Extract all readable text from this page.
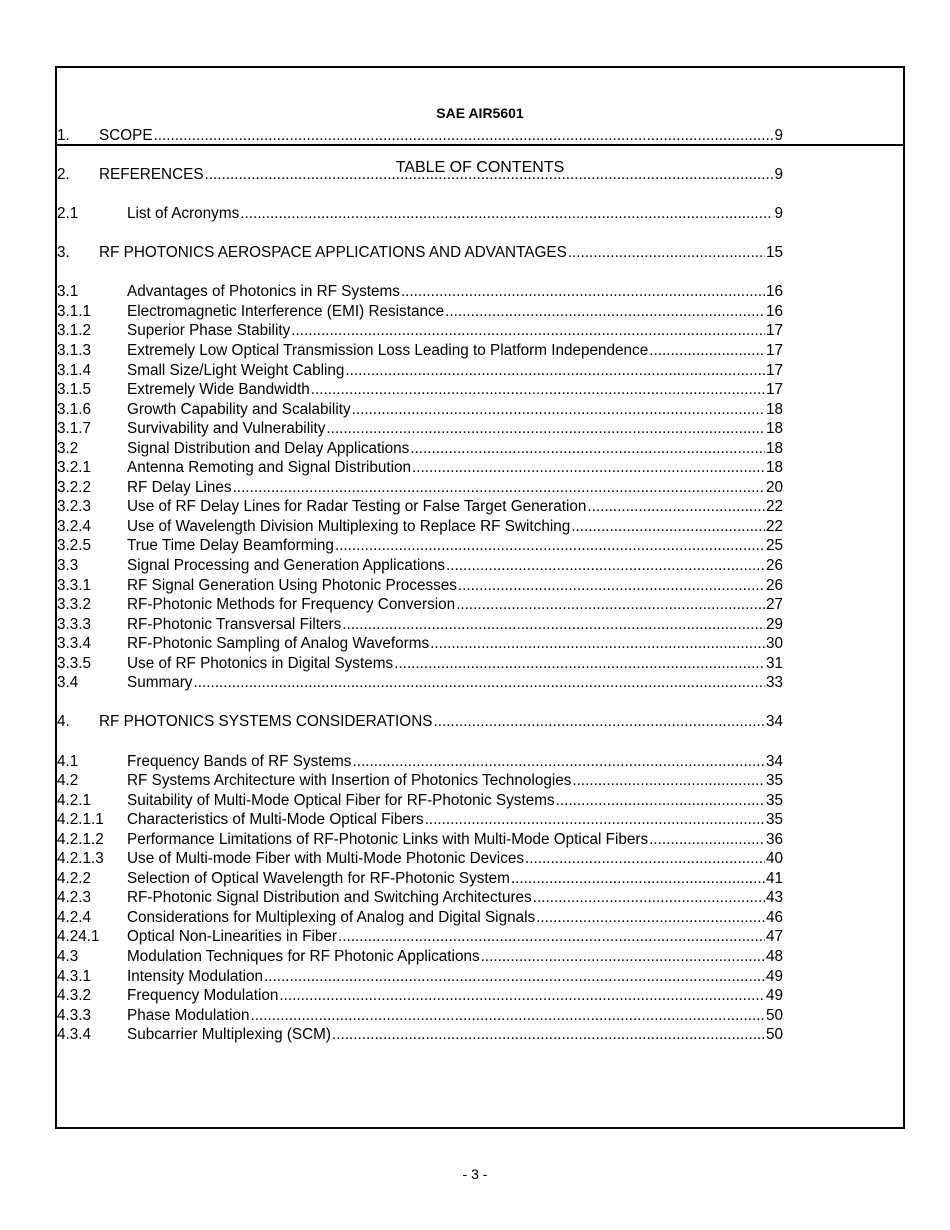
SAE AIR5601
TABLE OF CONTENTS
1.	SCOPE .....	9
2.	REFERENCES .....	9
2.1	List of Acronyms .....	9
3.	RF PHOTONICS AEROSPACE APPLICATIONS AND ADVANTAGES .....	15
3.1	Advantages of Photonics in RF Systems .....	16
3.1.1	Electromagnetic Interference (EMI) Resistance .....	16
3.1.2	Superior Phase Stability .....	17
3.1.3	Extremely Low Optical Transmission Loss Leading to Platform Independence .....	17
3.1.4	Small Size/Light Weight Cabling .....	17
3.1.5	Extremely Wide Bandwidth .....	17
3.1.6	Growth Capability and Scalability .....	18
3.1.7	Survivability and Vulnerability .....	18
3.2	Signal Distribution and Delay Applications .....	18
3.2.1	Antenna Remoting and Signal Distribution .....	18
3.2.2	RF Delay Lines .....	20
3.2.3	Use of RF Delay Lines for Radar Testing or False Target Generation .....	22
3.2.4	Use of Wavelength Division Multiplexing to Replace RF Switching .....	22
3.2.5	True Time Delay Beamforming .....	25
3.3	Signal Processing and Generation Applications .....	26
3.3.1	RF Signal Generation Using Photonic Processes .....	26
3.3.2	RF-Photonic Methods for Frequency Conversion .....	27
3.3.3	RF-Photonic Transversal Filters .....	29
3.3.4	RF-Photonic Sampling of Analog Waveforms .....	30
3.3.5	Use of RF Photonics in Digital Systems .....	31
3.4	Summary .....	33
4.	RF PHOTONICS SYSTEMS CONSIDERATIONS .....	34
4.1	Frequency Bands of RF Systems .....	34
4.2	RF Systems Architecture with Insertion of Photonics Technologies .....	35
4.2.1	Suitability of Multi-Mode Optical Fiber for RF-Photonic Systems .....	35
4.2.1.1	Characteristics of Multi-Mode Optical Fibers .....	35
4.2.1.2	Performance Limitations of RF-Photonic Links with Multi-Mode Optical Fibers .....	36
4.2.1.3	Use of Multi-mode Fiber with Multi-Mode Photonic Devices .....	40
4.2.2	Selection of Optical Wavelength for RF-Photonic System .....	41
4.2.3	RF-Photonic Signal Distribution and Switching Architectures .....	43
4.2.4	Considerations for Multiplexing of Analog and Digital Signals .....	46
4.24.1	Optical Non-Linearities in Fiber .....	47
4.3	Modulation Techniques for RF Photonic Applications .....	48
4.3.1	Intensity Modulation .....	49
4.3.2	Frequency Modulation .....	49
4.3.3	Phase Modulation .....	50
4.3.4	Subcarrier Multiplexing (SCM) .....	50
- 3 -
